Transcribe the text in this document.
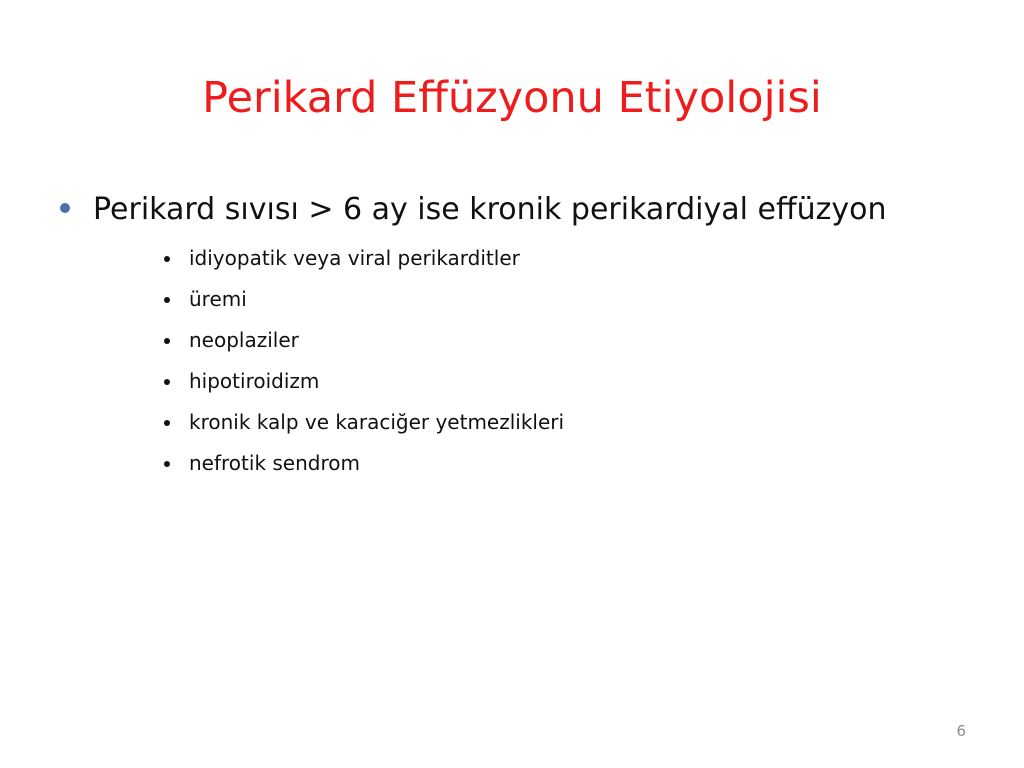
Perikard Effüzyonu Etiyolojisi
Perikard sıvısı > 6 ay ise kronik perikardiyal effüzyon
idiyopatik veya viral perikarditler
üremi
neoplaziler
hipotiroidizm
kronik kalp ve karaciğer yetmezlikleri
nefrotik sendrom
6
